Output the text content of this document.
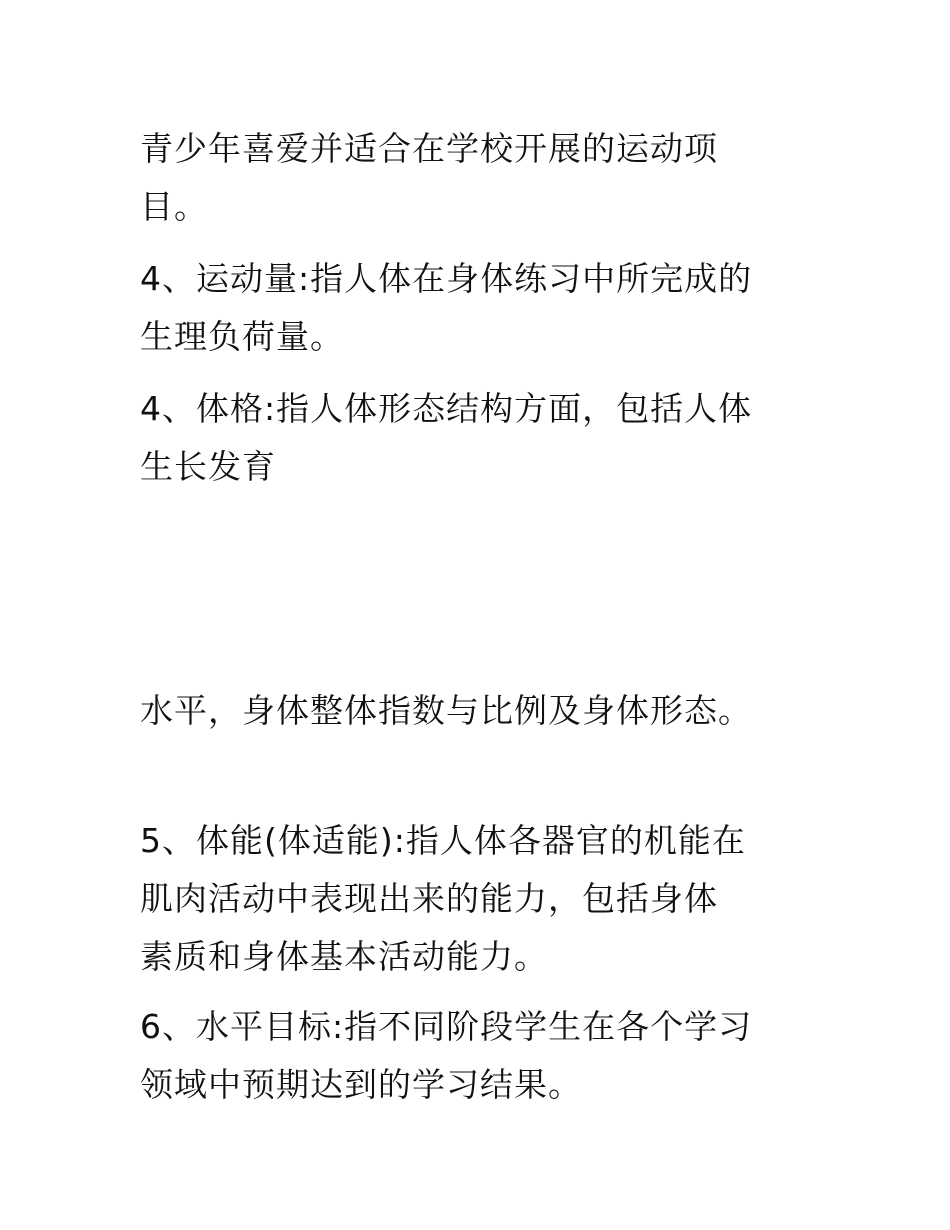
青少年喜爱并适合在学校开展的运动项
目。

4、运动量:指人体在身体练习中所完成的
生理负荷量。

4、体格:指人体形态结构方面，包括人体
生长发育

水平，身体整体指数与比例及身体形态。

5、体能(体适能):指人体各器官的机能在
肌肉活动中表现出来的能力，包括身体
素质和身体基本活动能力。

6、水平目标:指不同阶段学生在各个学习
领域中预期达到的学习结果。
